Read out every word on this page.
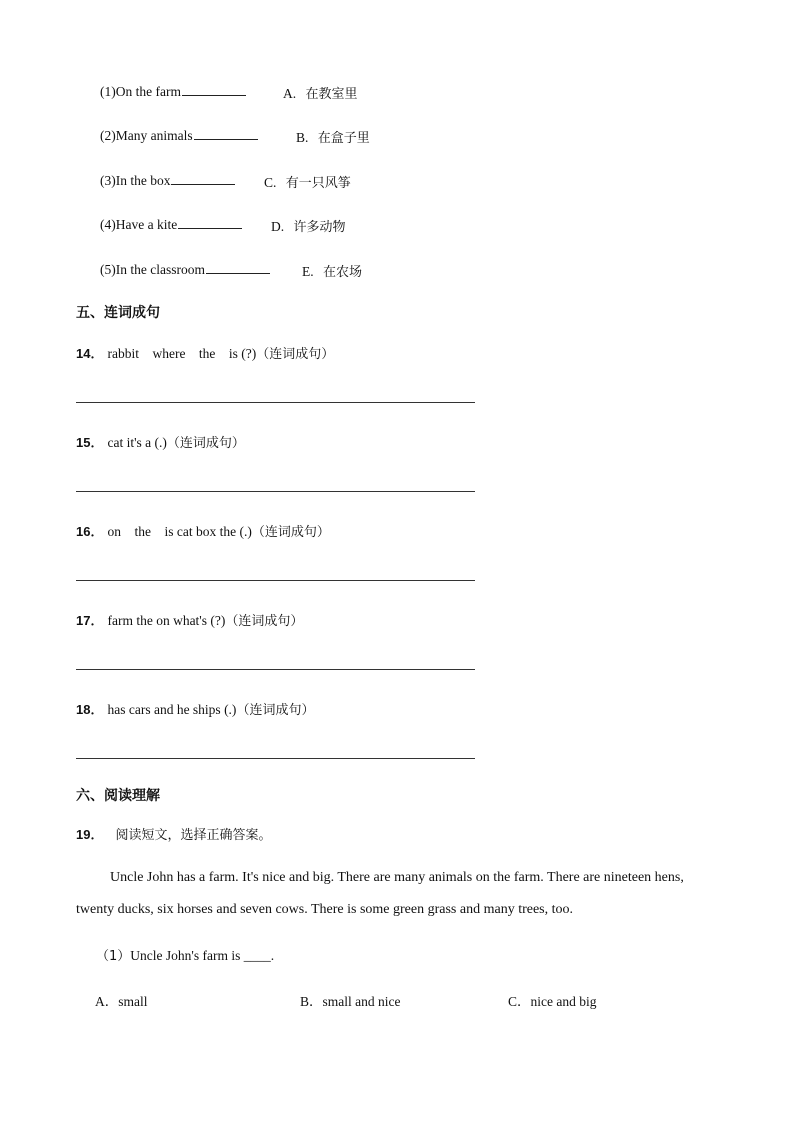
(1)On the farm	A. 在教室里
(2)Many animals	B. 在盒子里
(3)In the box	C. 有一只风筝
(4)Have a kite	D. 许多动物
(5)In the classroom	E. 在农场
五、连词成句
14． rabbit    where    the    is (?)（连词成句）
15． cat it's a (.)（连词成句）
16． on    the    is cat box the (.)（连词成句）
17． farm the on what's (?)（连词成句）
18． has cars and he ships (.)（连词成句）
六、阅读理解
19． 阅读短文，选择正确答案。
Uncle John has a farm. It's nice and big. There are many animals on the farm. There are nineteen hens,
twenty ducks, six horses and seven cows. There is some green grass and many trees, too.
（1）Uncle John's farm is ____.
A．small	B．small and nice	C．nice and big
